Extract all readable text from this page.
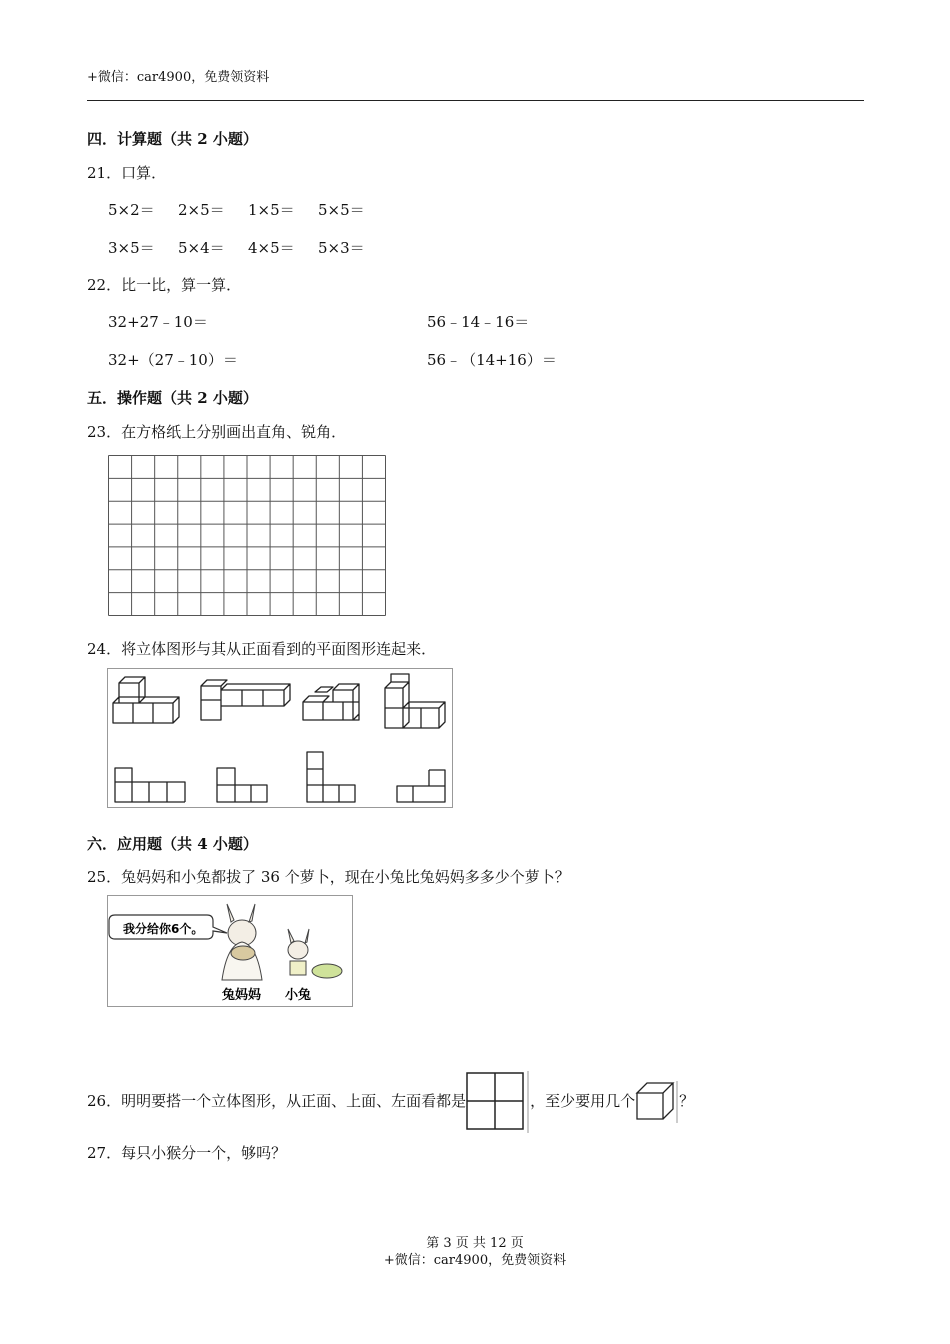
+微信：car4900，免费领资料
四．计算题（共 2 小题）
21．口算．
5×2＝ 2×5＝ 1×5＝ 5×5＝
3×5＝ 5×4＝ 4×5＝ 5×3＝
22．比一比，算一算．
32+27﹣10＝	56﹣14﹣16＝
32+（27﹣10）＝	56﹣（14+16）＝
五．操作题（共 2 小题）
23．在方格纸上分别画出直角、锐角．
24．将立体图形与其从正面看到的平面图形连起来．
六．应用题（共 4 小题）
25．兔妈妈和小兔都拔了 36 个萝卜，现在小兔比兔妈妈多多少个萝卜？
我分给你6个。
兔妈妈 小兔
26．明明要搭一个立体图形，从正面、上面、左面看都是	，至少要用几个	？
27．每只小猴分一个，够吗？
第 3 页 共 12 页
+微信：car4900，免费领资料
